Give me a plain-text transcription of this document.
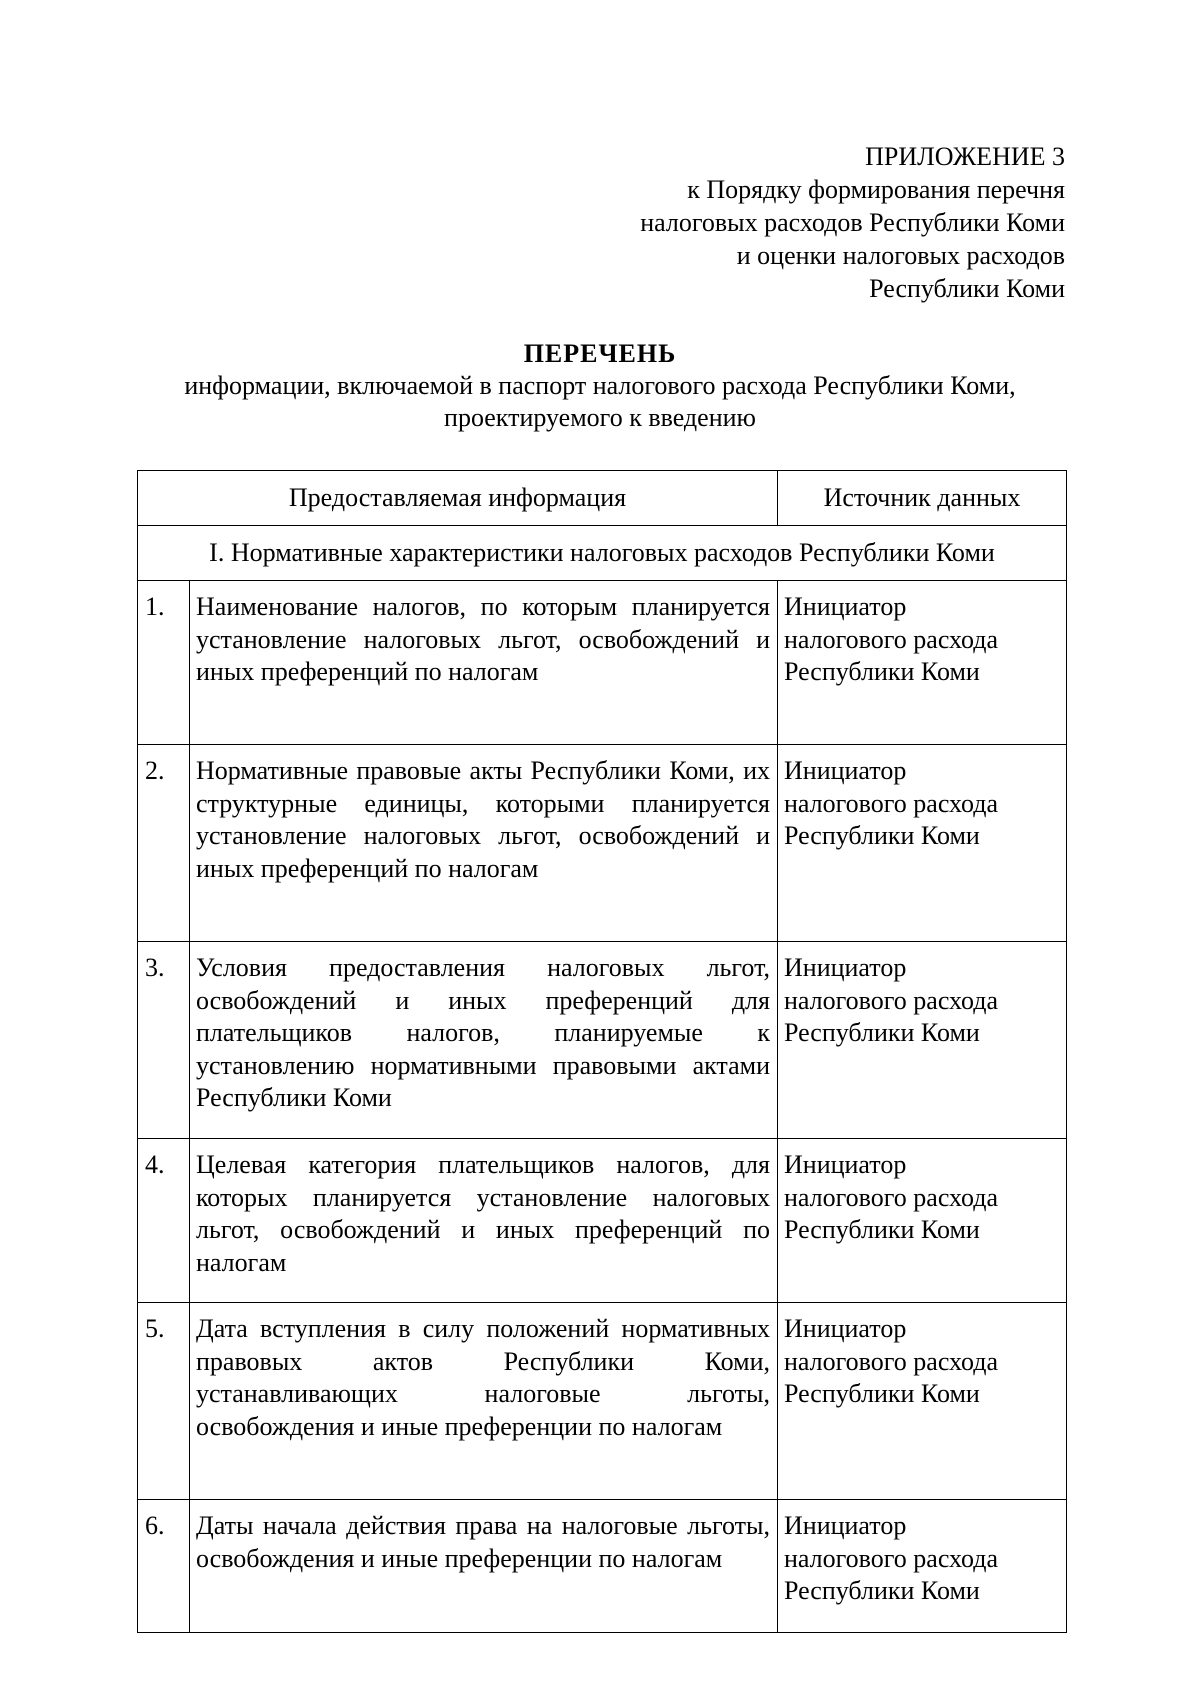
ПРИЛОЖЕНИЕ 3
к Порядку формирования перечня
налоговых расходов Республики Коми
и оценки налоговых расходов
Республики Коми
ПЕРЕЧЕНЬ
информации, включаемой в паспорт налогового расхода Республики Коми,
проектируемого к введению
Предоставляемая информация		Источник данных
I. Нормативные характеристики налоговых расходов Республики Коми		
1.	Наименование налогов, по которым планируется установление налоговых льгот, освобождений и иных преференций по налогам	Инициатор
налогового расхода
Республики Коми

2.	Нормативные правовые акты Республики Коми, их структурные единицы, которыми планируется установление налоговых льгот, освобождений и иных преференций по налогам	Инициатор
налогового расхода
Республики Коми

3.	Условия предоставления налоговых льгот, освобождений и иных преференций для плательщиков налогов, планируемые к установлению нормативными правовыми актами Республики Коми	Инициатор
налогового расхода
Республики Коми

4.	Целевая категория плательщиков налогов, для которых планируется установление налоговых льгот, освобождений и иных преференций по налогам	Инициатор
налогового расхода
Республики Коми

5.	Дата вступления в силу положений нормативных правовых актов Республики Коми, устанавливающих налоговые льготы, освобождения и иные преференции по налогам	Инициатор
налогового расхода
Республики Коми

6.	Даты начала действия права на налоговые льготы, освобождения и иные преференции по налогам	Инициатор
налогового расхода
Республики Коми
